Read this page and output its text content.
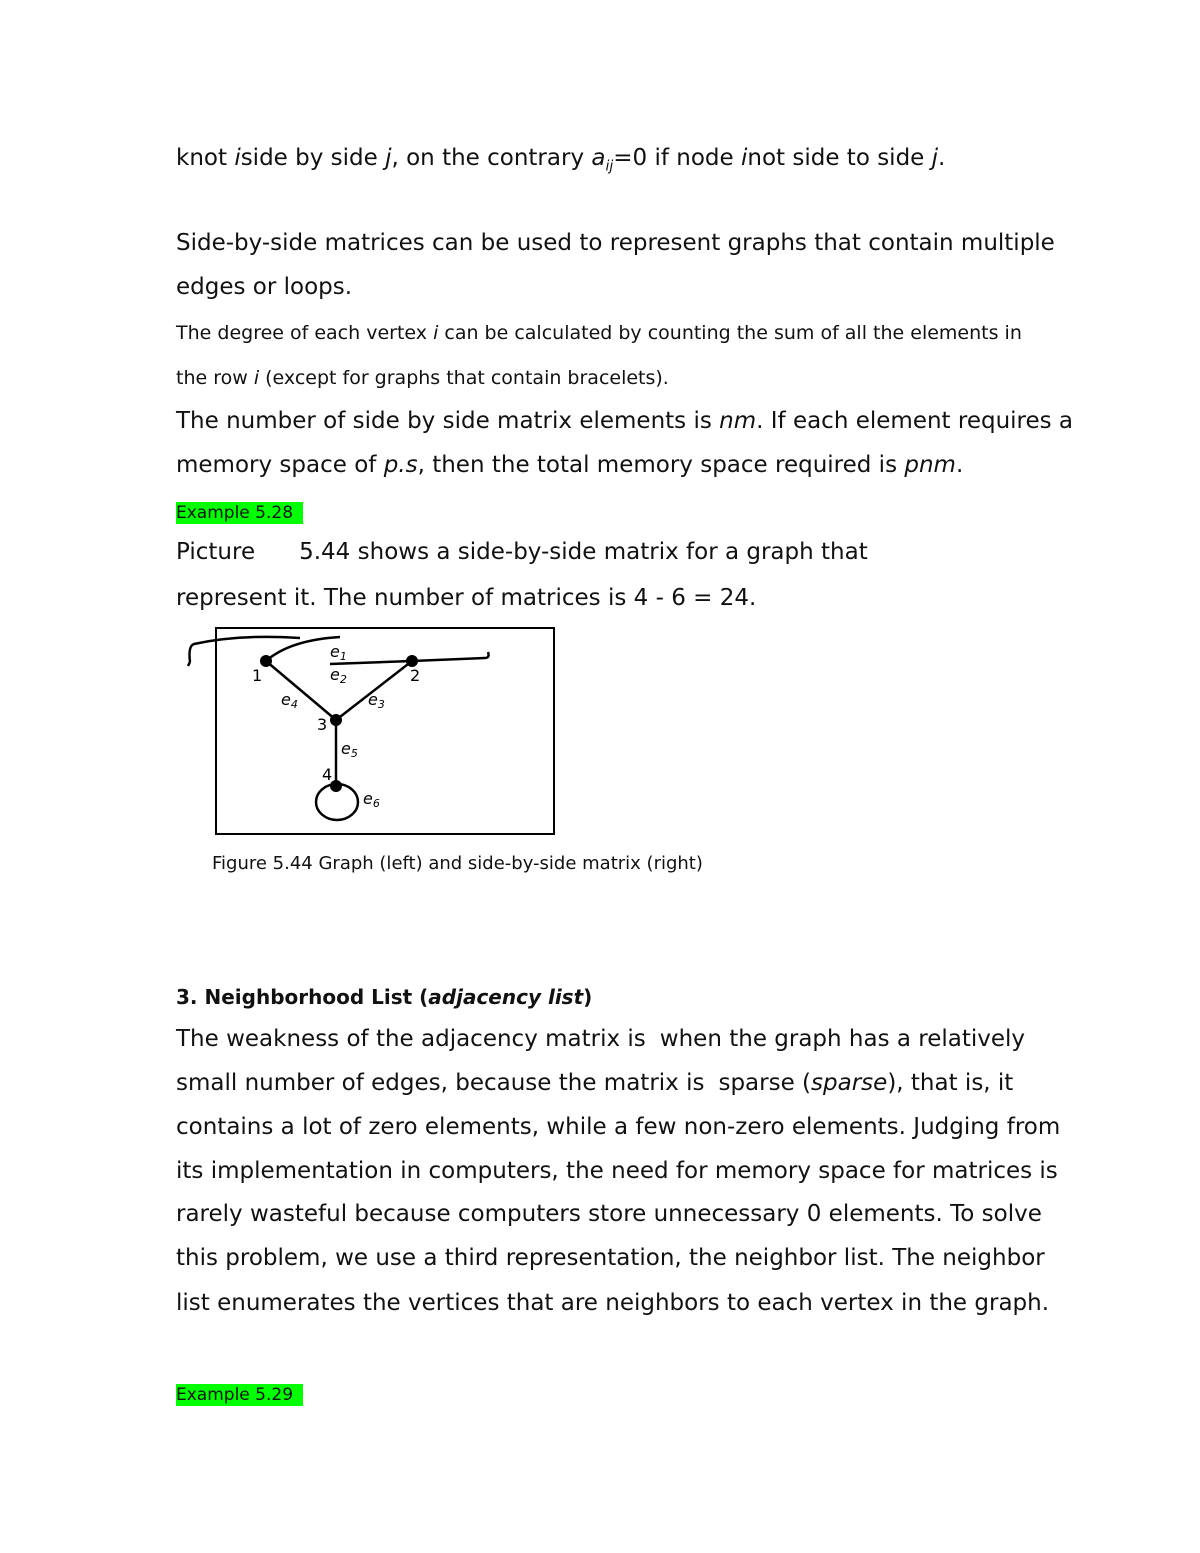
knot iside by side j, on the contrary $a_{ij}=0$ if node inot side to side j.
Side-by-side matrices can be used to represent graphs that contain multiple
edges or loops.
The degree of each vertex i can be calculated by counting the sum of all the elements in
the row i (except for graphs that contain bracelets).
The number of side by side matrix elements is nm. If each element requires a
memory space of p.s, then the total memory space required is pnm.
Example 5.28
Picture 5.44 shows a side-by-side matrix for a graph that
represent it. The number of matrices is 4 - 6 = 24.
1	2
3
4
e1
e2
e3
e4
e5
e6
Figure 5.44 Graph (left) and side-by-side matrix (right)
3. Neighborhood List (adjacency list)
The weakness of the adjacency matrix is when the graph has a relatively
small number of edges, because the matrix is sparse (sparse), that is, it
contains a lot of zero elements, while a few non-zero elements. Judging from
its implementation in computers, the need for memory space for matrices is
rarely wasteful because computers store unnecessary 0 elements. To solve
this problem, we use a third representation, the neighbor list. The neighbor
list enumerates the vertices that are neighbors to each vertex in the graph.
Example 5.29
